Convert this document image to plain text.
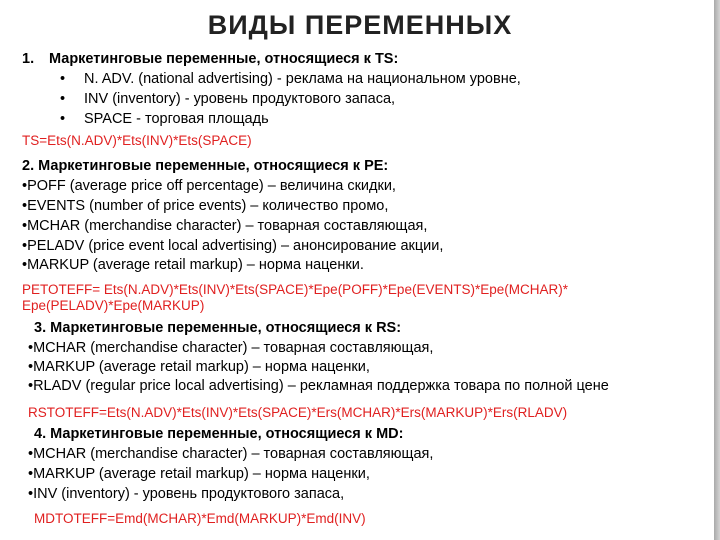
ВИДЫ ПЕРЕМЕННЫХ
1. Маркетинговые переменные, относящиеся к TS:
• N. ADV. (national advertising) - реклама на национальном уровне,
• INV (inventory) - уровень продуктового запаса,
• SPACE - торговая площадь
TS=Ets(N.ADV)*Ets(INV)*Ets(SPACE)
2. Маркетинговые переменные, относящиеся к PE:
•POFF (average price off percentage) – величина скидки,
•EVENTS (number of price events) – количество промо,
•MCHAR (merchandise character) – товарная составляющая,
•PELADV (price event local advertising) – анонсирование акции,
•MARKUP (average retail markup) – норма наценки.
PETOTEFF= Ets(N.ADV)*Ets(INV)*Ets(SPACE)*Epe(POFF)*Epe(EVENTS)*Epe(MCHAR)*
Epe(PELADV)*Epe(MARKUP)
3. Маркетинговые переменные, относящиеся к RS:
•MCHAR (merchandise character) – товарная составляющая,
•MARKUP (average retail markup) – норма наценки,
•RLADV (regular price local advertising) – рекламная поддержка товара по полной цене
RSTOTEFF=Ets(N.ADV)*Ets(INV)*Ets(SPACE)*Ers(MCHAR)*Ers(MARKUP)*Ers(RLADV)
4. Маркетинговые переменные, относящиеся к MD:
•MCHAR (merchandise character) – товарная составляющая,
•MARKUP (average retail markup) – норма наценки,
•INV (inventory) - уровень продуктового запаса,
MDTOTEFF=Emd(MCHAR)*Emd(MARKUP)*Emd(INV)
